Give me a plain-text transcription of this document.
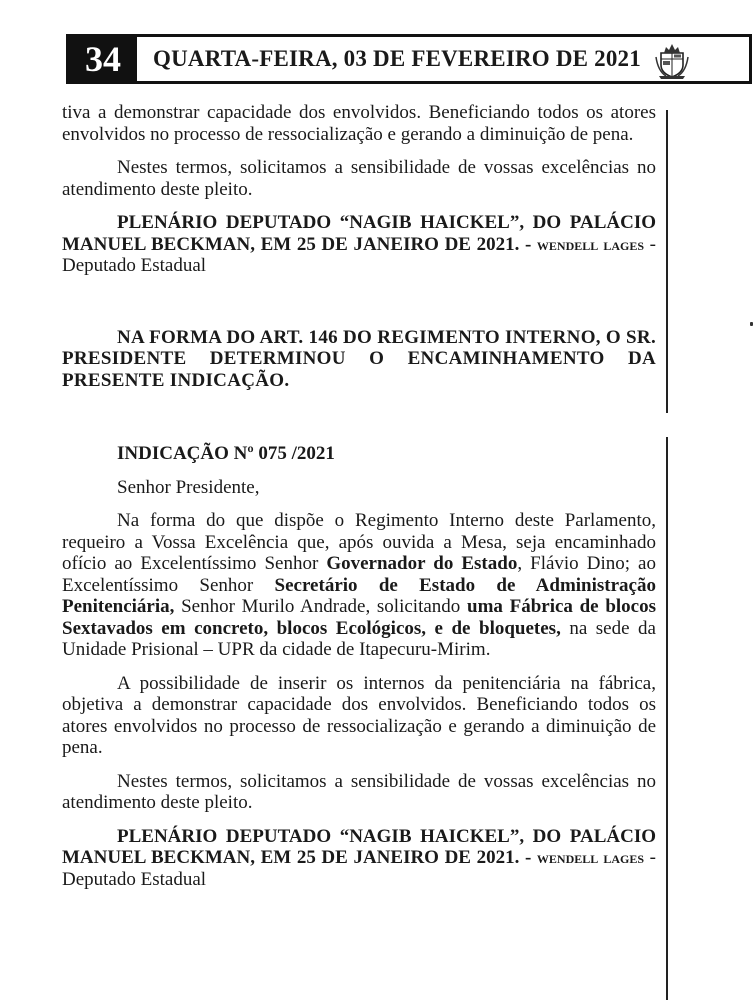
34	QUARTA-FEIRA, 03 DE FEVEREIRO DE 2021

tiva a demonstrar capacidade dos envolvidos. Beneficiando todos os atores envolvidos no processo de ressocialização e gerando a diminuição de pena.

Nestes termos, solicitamos a sensibilidade de vossas excelências no atendimento deste pleito.

PLENÁRIO DEPUTADO “NAGIB HAICKEL”, DO PALÁCIO MANUEL BECKMAN, EM 25 DE JANEIRO DE 2021. - wendell lages - Deputado Estadual

NA FORMA DO ART. 146 DO REGIMENTO INTERNO, O SR. PRESIDENTE DETERMINOU O ENCAMINHAMENTO DA PRESENTE INDICAÇÃO.

INDICAÇÃO Nº 075 /2021

Senhor Presidente,

Na forma do que dispõe o Regimento Interno deste Parlamento, requeiro a Vossa Excelência que, após ouvida a Mesa, seja encaminhado ofício ao Excelentíssimo Senhor Governador do Estado, Flávio Dino; ao Excelentíssimo Senhor Secretário de Estado de Administração Penitenciária, Senhor Murilo Andrade, solicitando uma Fábrica de blocos Sextavados em concreto, blocos Ecológicos, e de bloquetes, na sede da Unidade Prisional – UPR da cidade de Itapecuru-Mirim.

A possibilidade de inserir os internos da penitenciária na fábrica, objetiva a demonstrar capacidade dos envolvidos. Beneficiando todos os atores envolvidos no processo de ressocialização e gerando a diminuição de pena.

Nestes termos, solicitamos a sensibilidade de vossas excelências no atendimento deste pleito.

PLENÁRIO DEPUTADO “NAGIB HAICKEL”, DO PALÁCIO MANUEL BECKMAN, EM 25 DE JANEIRO DE 2021. - wendell lages - Deputado Estadual
